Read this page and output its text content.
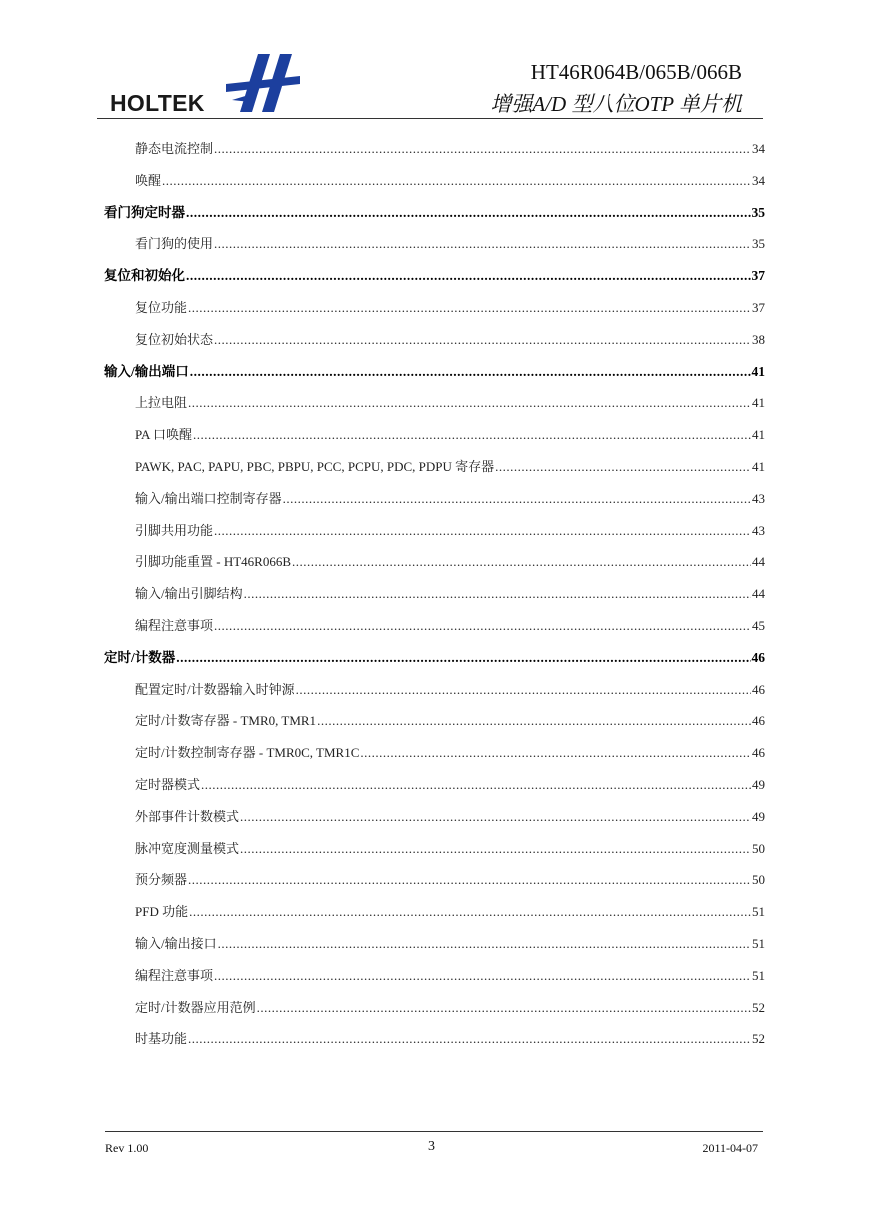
HOLTEK
HT46R064B/065B/066B
增强A/D 型八位OTP 单片机
静态电流控制 .....	34
唤醒 .....	34
看门狗定时器 .....	35
看门狗的使用 .....	35
复位和初始化 .....	37
复位功能 .....	37
复位初始状态 .....	38
输入/输出端口 .....	41
上拉电阻 .....	41
PA 口唤醒 .....	41
PAWK, PAC, PAPU, PBC, PBPU, PCC, PCPU, PDC, PDPU 寄存器 .....	41
输入/输出端口控制寄存器 .....	43
引脚共用功能 .....	43
引脚功能重置 - HT46R066B .....	44
输入/输出引脚结构 .....	44
编程注意事项 .....	45
定时/计数器 .....	46
配置定时/计数器输入时钟源 .....	46
定时/计数寄存器 - TMR0, TMR1 .....	46
定时/计数控制寄存器 - TMR0C, TMR1C .....	46
定时器模式 .....	49
外部事件计数模式 .....	49
脉冲宽度测量模式 .....	50
预分频器 .....	50
PFD 功能 .....	51
输入/输出接口 .....	51
编程注意事项 .....	51
定时/计数器应用范例 .....	52
时基功能 .....	52
Rev 1.00	3	2011-04-07
